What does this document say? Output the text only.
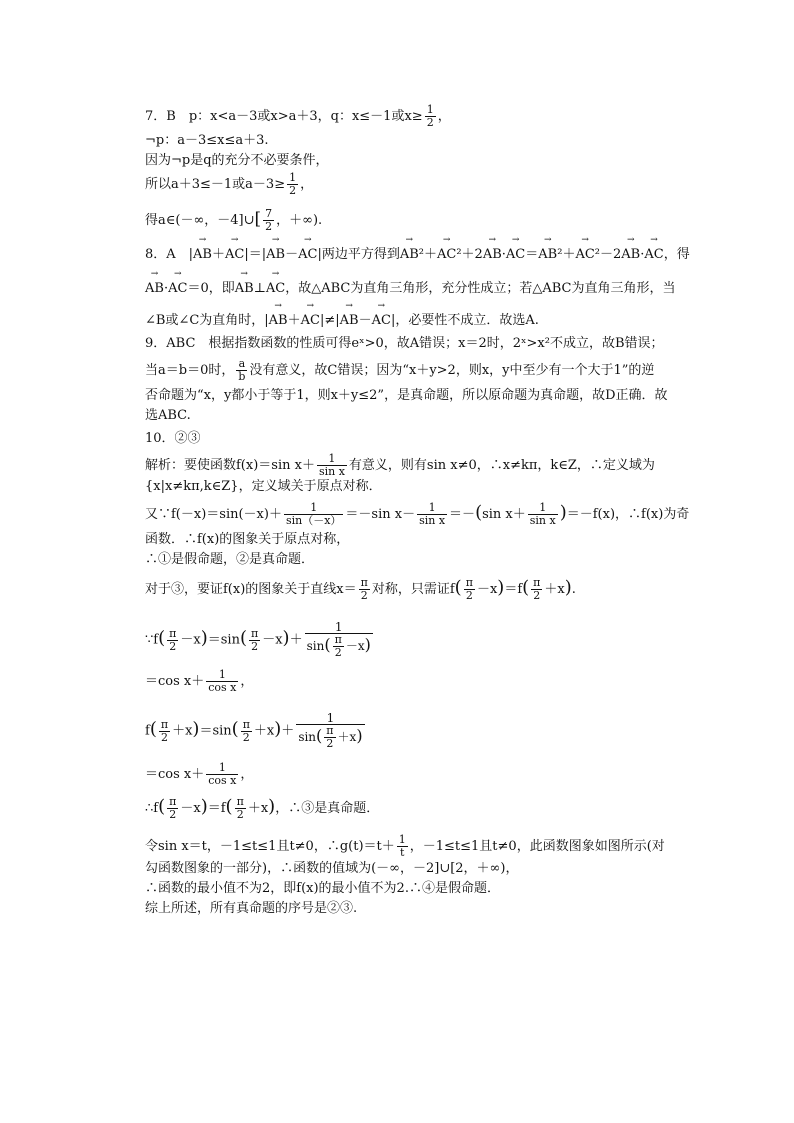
7．B　p：x<a－3或x>a＋3，q：x≤－1或$x\ge \frac{1}{2}$ ，
¬p：a－3≤x≤a＋3.
因为¬p是q的充分不必要条件，
所以a＋3≤－1或$a-3\ge \frac{1}{2}$ ，
得a∈(－∞，－4]∪[ $\frac{7}{2}$ ，＋∞).
8．A　|→ AB＋→ AC|＝|→ AB－→ AC|两边平方得到→ AB²＋→ AC²＋2→ AB·→ AC＝→ AB²＋→ AC²－2→ AB·→ AC，得
→ AB·→ AC＝0，即→ AB⊥→ AC，故△ABC为直角三角形，充分性成立；若△ABC为直角三角形，当
∠B或∠C为直角时，|→ AB＋→ AC|≠|→ AB－→ AC|，必要性不成立．故选A.
9．ABC　根据指数函数的性质可得eˣ>0，故A错误；x＝2时，2ˣ>x²不成立，故B错误；
当a＝b＝0时， $\frac{a}{b}$ 没有意义，故C错误；因为“x＋y>2，则x，y中至少有一个大于1”的逆
否命题为“x，y都小于等于1，则x＋y≤2”，是真命题，所以原命题为真命题，故D正确．故
选ABC.
10．②③
解析：要使函数f(x)＝sin $x+ \frac{1}{\text{sin x}}$ 有意义，则有sin x≠0，∴x≠kπ，k∈Z，∴定义域为
{x|x≠kπ,k∈Z}，定义域关于原点对称．
又∵f(－x)＝sin(－x)＋ $\frac{1}{\sin(-x)} =-\sin$ $x- \frac{1}{\text{sin x}} =-(\sin$ $x+ \frac{1}{\text{sin x}} )=-f(x)$，∴f(x)为奇
函数．∴f(x)的图象关于原点对称，
∴①是假命题，②是真命题．
对于③，要证f(x)的图象关于直线$x= \frac{\pi}{2}$ 对称，只需证$f( \frac{\pi}{2} -x)=f( \frac{\pi}{2} +x)$.
∵f( $\frac{\pi}{2} -x)=\sin( \frac{\pi}{2} -x)+ \frac{1}{\sin( \frac{\pi}{2} -x)}$
＝cos $x+ \frac{1}{\text{cos x}}$ ，
$f( \frac{\pi}{2} +x)=\sin( \frac{\pi}{2} +x)+ \frac{1}{\sin( \frac{\pi}{2} +x)}$
＝cos $x+ \frac{1}{\text{cos x}}$ ，
∴f( $\frac{\pi}{2} -x)=f( \frac{\pi}{2} +x)$，∴③是真命题．
令sin x＝t，－1≤t≤1且t≠0，∴g(t)＝t＋ $\frac{1}{t}$ ，－1≤t≤1且t≠0，此函数图象如图所示(对
勾函数图象的一部分)，∴函数的值域为(－∞，－2]∪[2，＋∞)，
∴函数的最小值不为2，即f(x)的最小值不为2.∴④是假命题．
综上所述，所有真命题的序号是②③.
